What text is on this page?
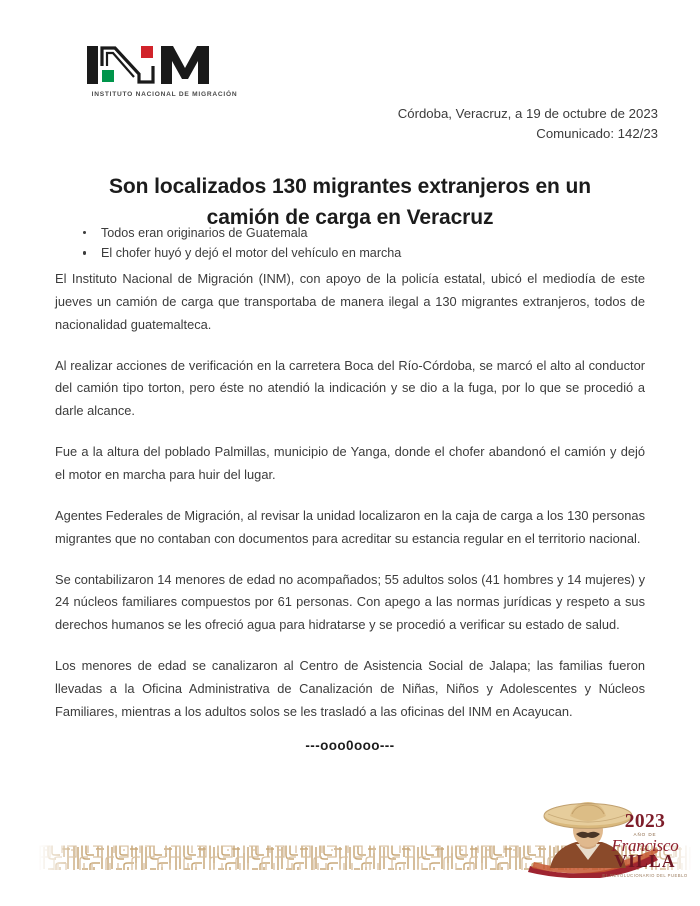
INSTITUTO NACIONAL DE MIGRACIÓN
Córdoba, Veracruz, a 19 de octubre de 2023
Comunicado: 142/23
Son localizados 130 migrantes extranjeros en un camión de carga en Veracruz
Todos eran originarios de Guatemala
El chofer huyó y dejó el motor del vehículo en marcha

El Instituto Nacional de Migración (INM), con apoyo de la policía estatal, ubicó el mediodía de este jueves un camión de carga que transportaba de manera ilegal a 130 migrantes extranjeros, todos de nacionalidad guatemalteca.

Al realizar acciones de verificación en la carretera Boca del Río-Córdoba, se marcó el alto al conductor del camión tipo torton, pero éste no atendió la indicación y se dio a la fuga, por lo que se procedió a darle alcance.

Fue a la altura del poblado Palmillas, municipio de Yanga, donde el chofer abandonó el camión y dejó el motor en marcha para huir del lugar.

Agentes Federales de Migración, al revisar la unidad localizaron en la caja de carga a los 130 personas migrantes que no contaban con documentos para acreditar su estancia regular en el territorio nacional.

Se contabilizaron 14 menores de edad no acompañados; 55 adultos solos (41 hombres y 14 mujeres) y 24 núcleos familiares compuestos por 61 personas. Con apego a las normas jurídicas y respeto a sus derechos humanos se les ofreció agua para hidratarse y se procedió a verificar su estado de salud.

Los menores de edad se canalizaron al Centro de Asistencia Social de Jalapa; las familias fueron llevadas a la Oficina Administrativa de Canalización de Niñas, Niños y Adolescentes y Núcleos Familiares, mientras a los adultos solos se les trasladó a las oficinas del INM en Acayucan.

---ooo0ooo---
2023
AÑO DE
Francisco
VILLA
EL REVOLUCIONARIO DEL PUEBLO
